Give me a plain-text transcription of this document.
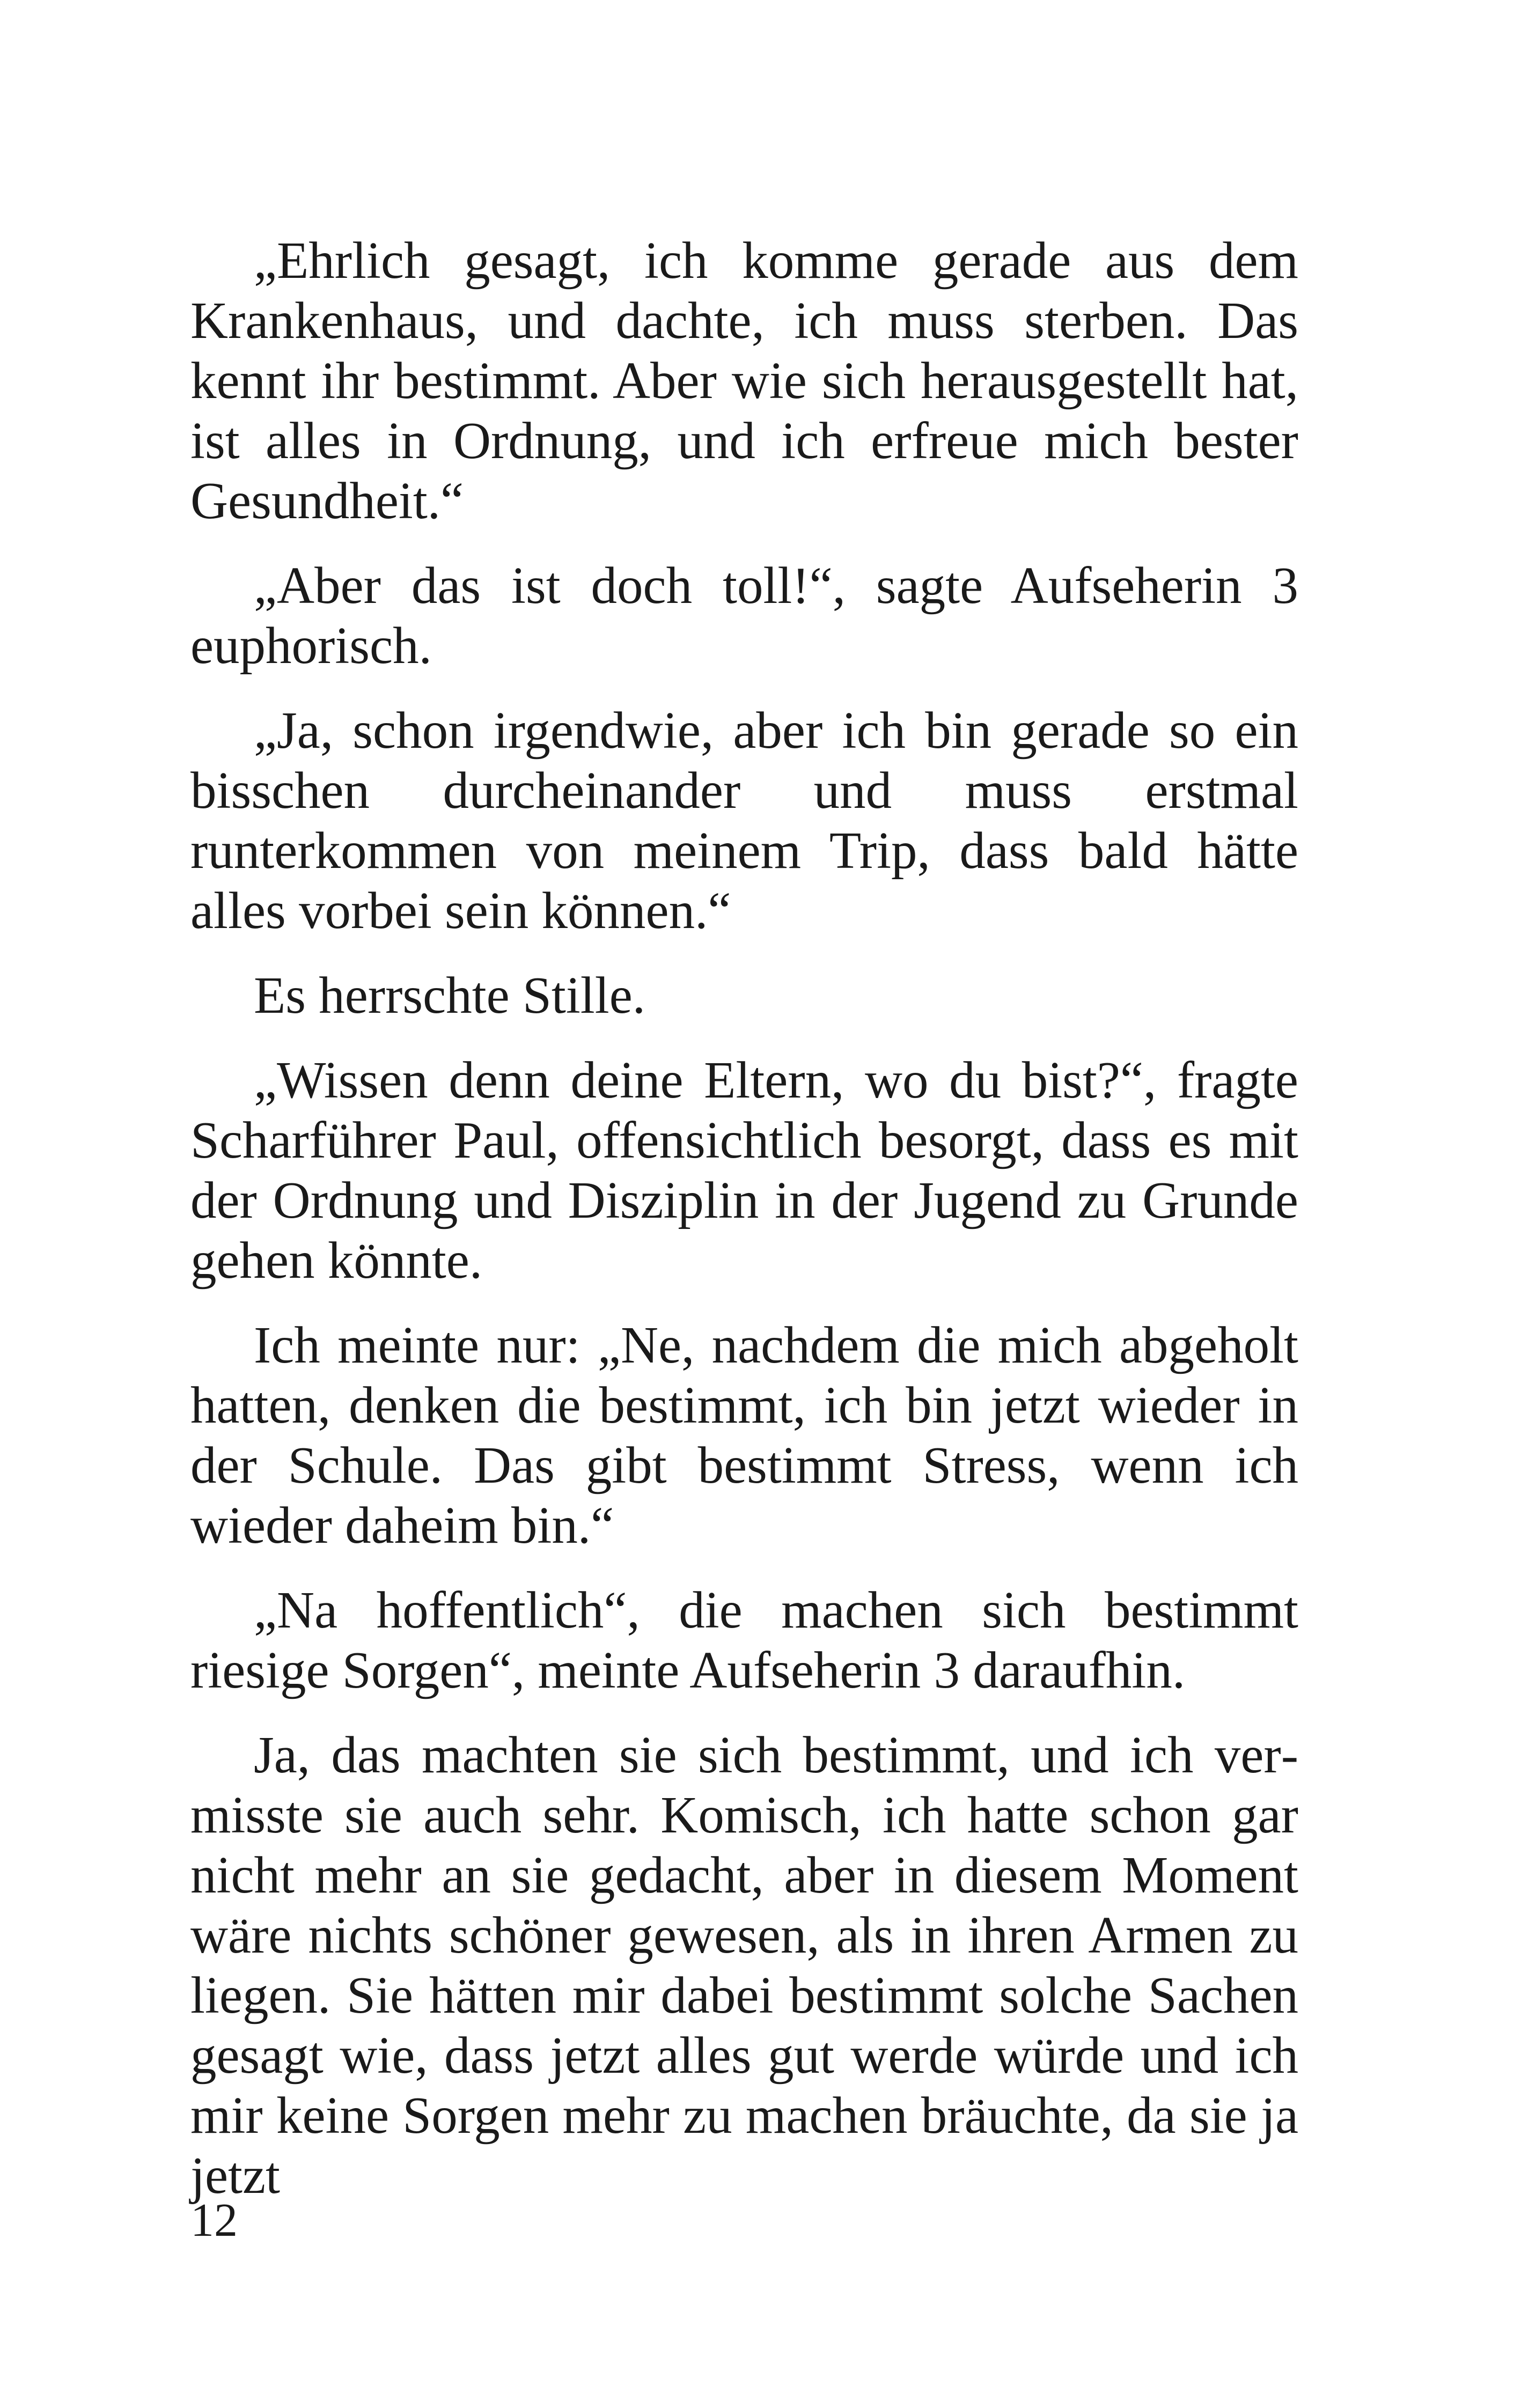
„Ehrlich gesagt, ich komme gerade aus dem Krankenhaus, und dachte, ich muss sterben. Das kennt ihr bestimmt. Aber wie sich herausgestellt hat, ist alles in Ordnung, und ich erfreue mich bester Gesundheit.“

„Aber das ist doch toll!“, sagte Aufseherin 3 euphorisch.

„Ja, schon irgendwie, aber ich bin gerade so ein bisschen durcheinander und muss erstmal runterkommen von meinem Trip, dass bald hätte alles vorbei sein können.“

Es herrschte Stille.

„Wissen denn deine Eltern, wo du bist?“, fragte Scharführer Paul, offensichtlich besorgt, dass es mit der Ordnung und Disziplin in der Jugend zu Grunde gehen könnte.

Ich meinte nur: „Ne, nachdem die mich abgeholt hatten, denken die bestimmt, ich bin jetzt wieder in der Schule. Das gibt bestimmt Stress, wenn ich wieder daheim bin.“

„Na hoffentlich“, die machen sich bestimmt riesige Sorgen“, meinte Aufseherin 3 daraufhin.

Ja, das machten sie sich bestimmt, und ich vermisste sie auch sehr. Komisch, ich hatte schon gar nicht mehr an sie gedacht, aber in diesem Moment wäre nichts schöner gewesen, als in ihren Armen zu liegen. Sie hätten mir dabei bestimmt solche Sachen gesagt wie, dass jetzt alles gut werde würde und ich mir keine Sorgen mehr zu machen bräuchte, da sie ja jetzt

12
